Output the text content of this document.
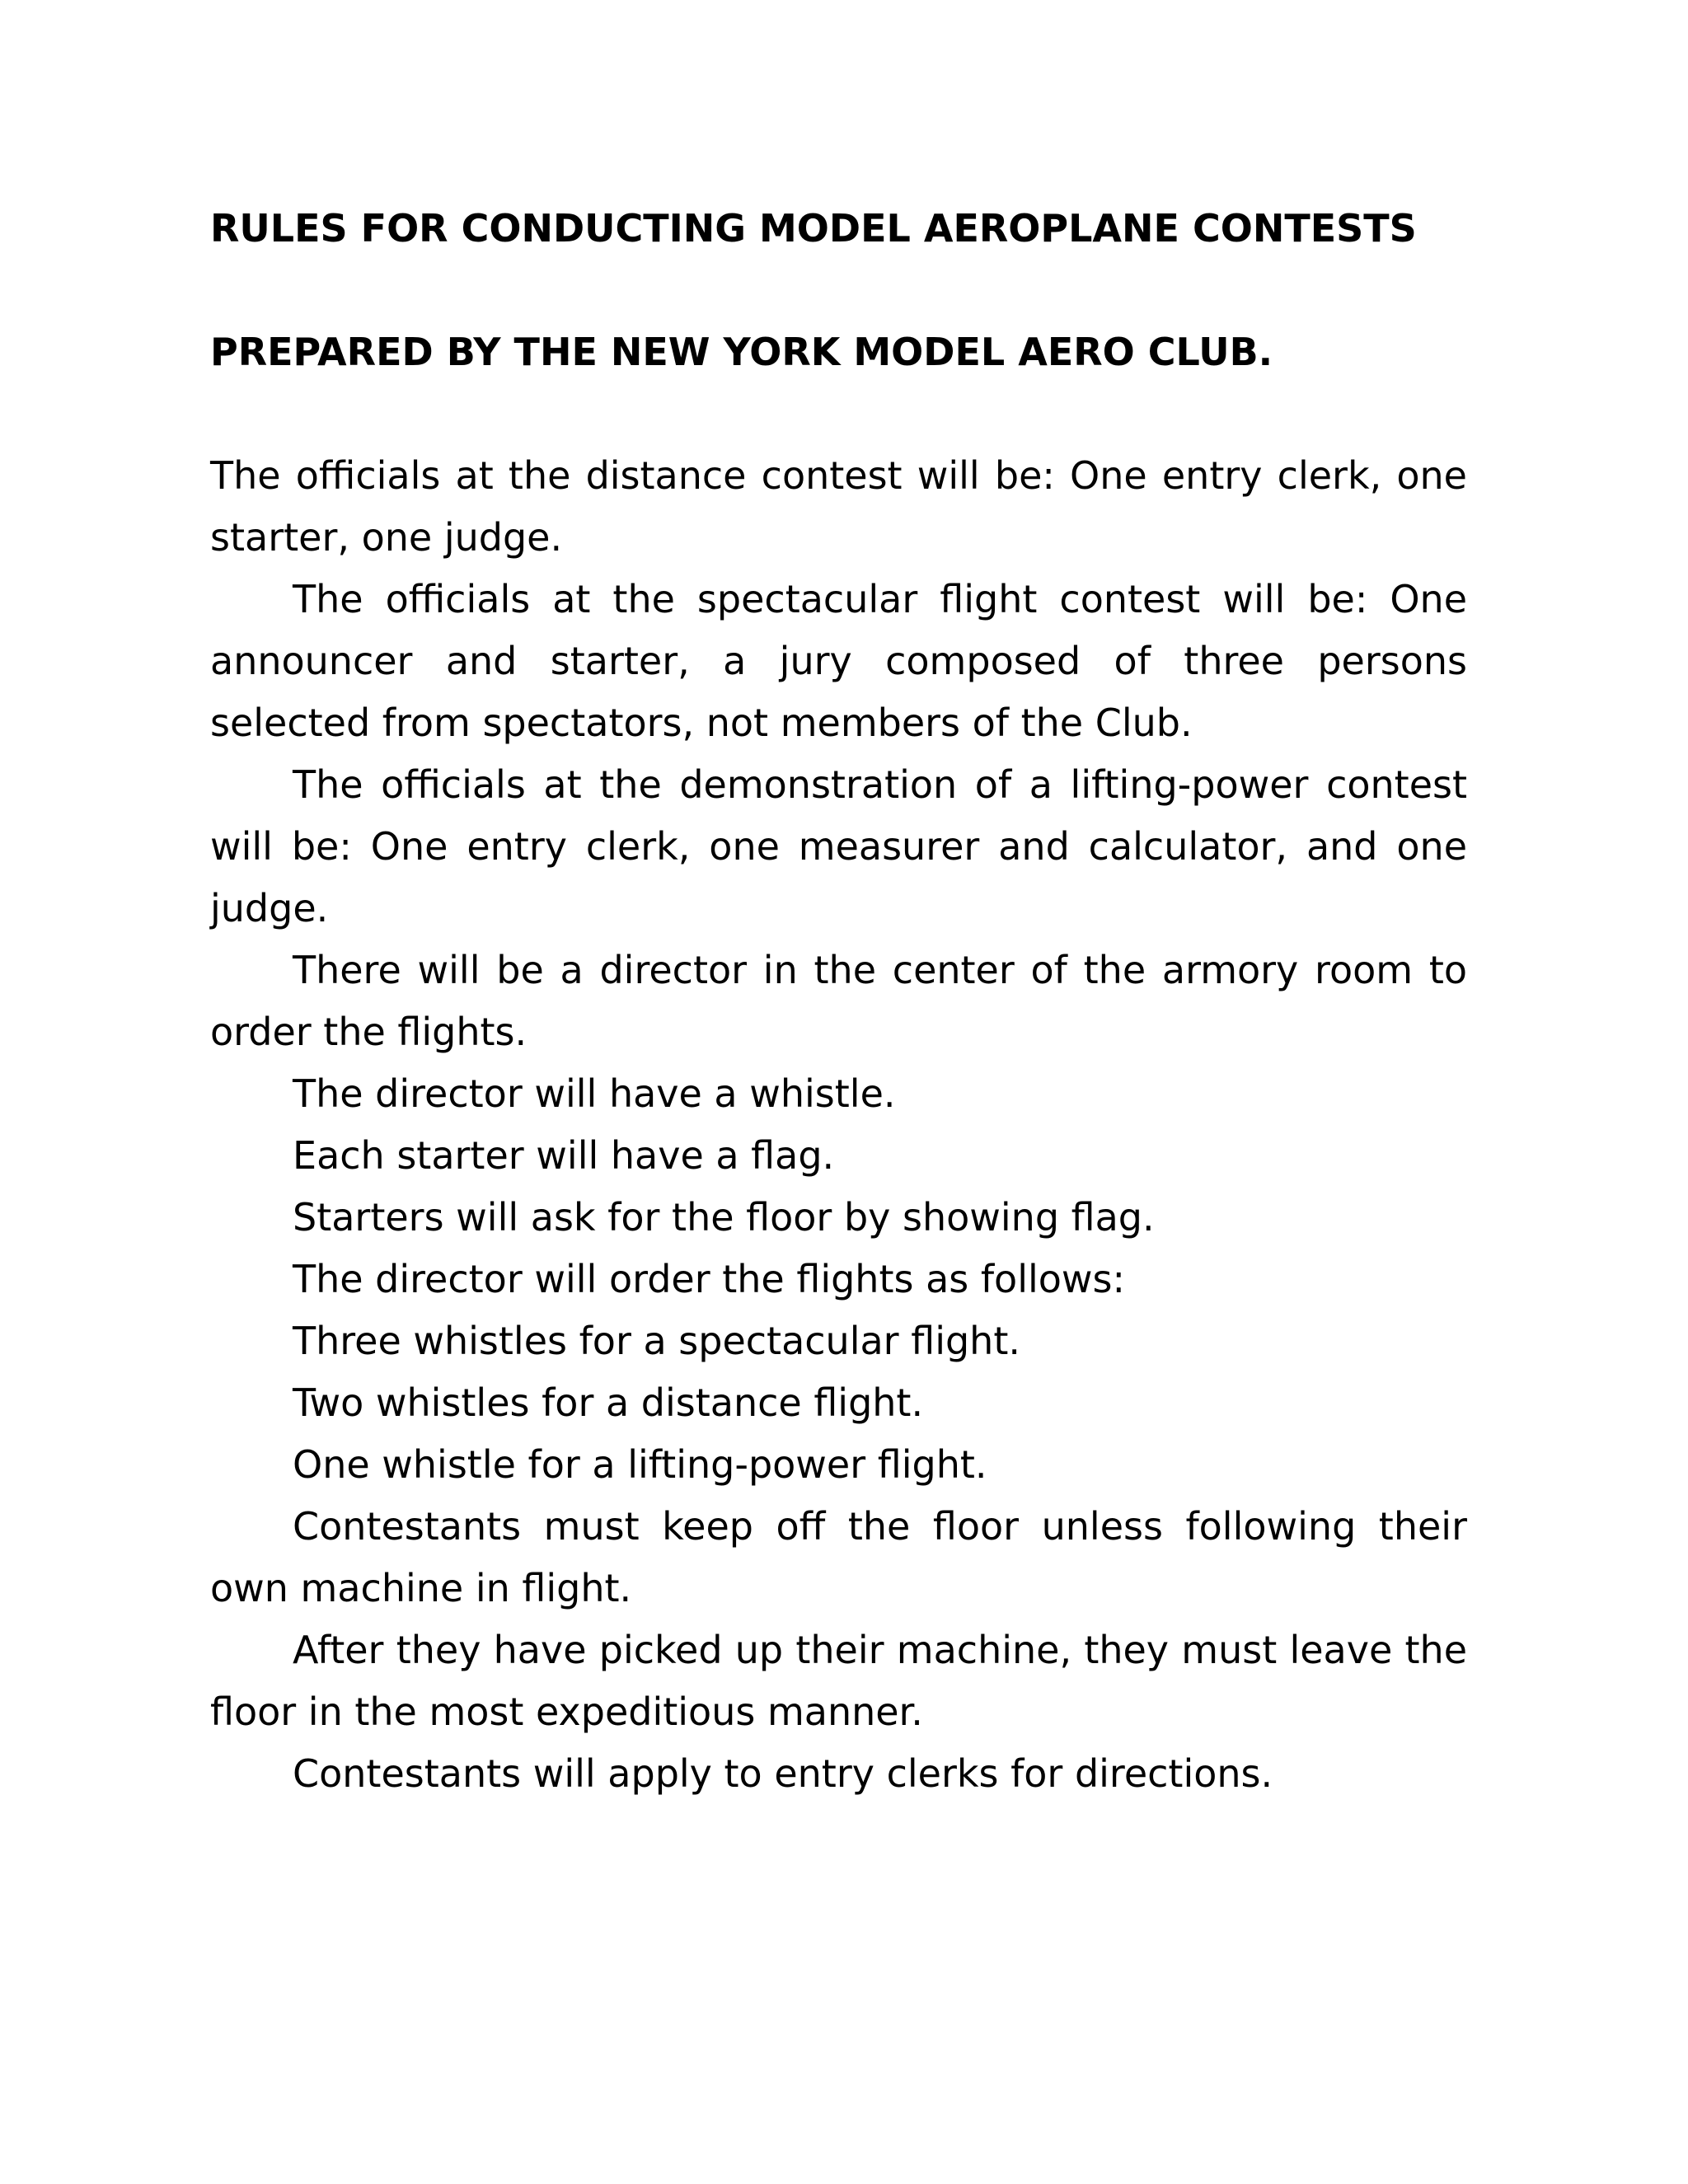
RULES FOR CONDUCTING MODEL AEROPLANE CONTESTS
PREPARED BY THE NEW YORK MODEL AERO CLUB.

The officials at the distance contest will be: One entry clerk, one starter, one judge.

The officials at the spectacular flight contest will be: One announcer and starter, a jury composed of three persons selected from spectators, not members of the Club.

The officials at the demonstration of a lifting-power contest will be: One entry clerk, one measurer and calculator, and one judge.

There will be a director in the center of the armory room to order the flights.

The director will have a whistle.

Each starter will have a flag.

Starters will ask for the floor by showing flag.

The director will order the flights as follows:

Three whistles for a spectacular flight.

Two whistles for a distance flight.

One whistle for a lifting-power flight.

Contestants must keep off the floor unless following their own machine in flight.

After they have picked up their machine, they must leave the floor in the most expeditious manner.

Contestants will apply to entry clerks for directions.
